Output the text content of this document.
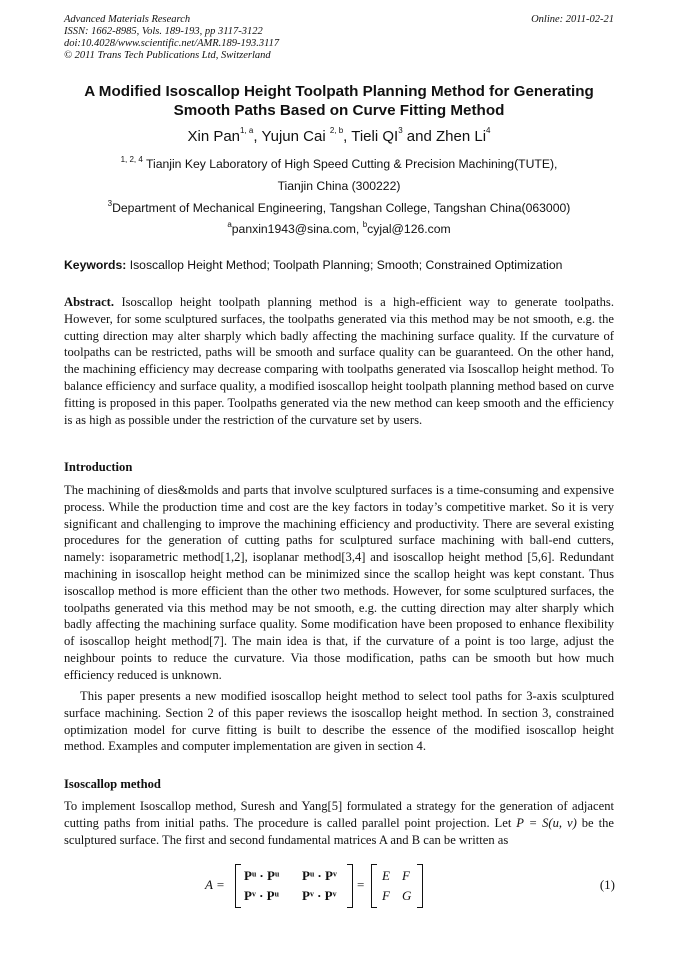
Advanced Materials Research
ISSN: 1662-8985, Vols. 189-193, pp 3117-3122
doi:10.4028/www.scientific.net/AMR.189-193.3117
© 2011 Trans Tech Publications Ltd, Switzerland
Online: 2011-02-21
A Modified Isoscallop Height Toolpath Planning Method for Generating
Smooth Paths Based on Curve Fitting Method
Xin Pan$^{1, a}$, Yujun Cai $^{2, b}$, Tieli $QI^3$ and Zhen Li$^4$
$^{1, 2, 4}$ Tianjin Key Laboratory of High Speed Cutting & Precision Machining(TUTE),
Tianjin China (300222)
$^3$Department of Mechanical Engineering, Tangshan College, Tangshan China(063000)
$^a$panxin1943@sina.com, $^b$cyjal@126.com
Keywords: Isoscallop Height Method; Toolpath Planning; Smooth; Constrained Optimization
Abstract. Isoscallop height toolpath planning method is a high-efficient way to generate toolpaths. However, for some sculptured surfaces, the toolpaths generated via this method may be not smooth, e.g. the cutting direction may alter sharply which badly affecting the machining surface quality. If the curvature of toolpaths can be restricted, paths will be smooth and surface quality can be guaranteed. On the other hand, the machining efficiency may decrease comparing with toolpaths generated via Isoscallop height method. To balance efficiency and surface quality, a modified isoscallop height toolpath planning method based on curve fitting is proposed in this paper. Toolpaths generated via the new method can keep smooth and the efficiency is as high as possible under the restriction of the curvature set by users.
Introduction
The machining of dies&molds and parts that involve sculptured surfaces is a time-consuming and expensive process. While the production time and cost are the key factors in today’s competitive market. So it is very significant and challenging to improve the machining efficiency and productivity. There are several existing procedures for the generation of cutting paths for sculptured surface machining with ball-end cutters, namely: isoparametric method[1,2], isoplanar method[3,4] and isoscallop height method [5,6]. Redundant machining in isoscallop height method can be minimized since the scallop height was kept constant. Thus isoscallop method is more efficient than the other two methods. However, for some sculptured surfaces, the toolpaths generated via this method may be not smooth, e.g. the cutting direction may alter sharply which badly affecting the machining surface quality. Some modification have been proposed to enhance flexibility of isoscallop height method[7]. The main idea is that, if the curvature of a point is too large, adjust the neighbour points to reduce the curvature. Via those modification, paths can be smooth but how much efficiency reduced is unknown.
This paper presents a new modified isoscallop height method to select tool paths for 3-axis sculptured surface machining. Section 2 of this paper reviews the isoscallop height method. In section 3, constrained optimization model for curve fitting is built to describe the essence of the modified isoscallop height method. Examples and computer implementation are given in section 4.
Isoscallop method
To implement Isoscallop method, Suresh and Yang[5] formulated a strategy for the generation of adjacent cutting paths from initial paths. The procedure is called parallel point projection. Let P = S(u, v) be the sculptured surface. The first and second fundamental matrices A and B can be written as
A =
Pᵘ · Pᵘ Pᵘ · Pᵛ
Pᵛ · Pᵘ Pᵛ · Pᵛ
=
E F
F G
(1)
